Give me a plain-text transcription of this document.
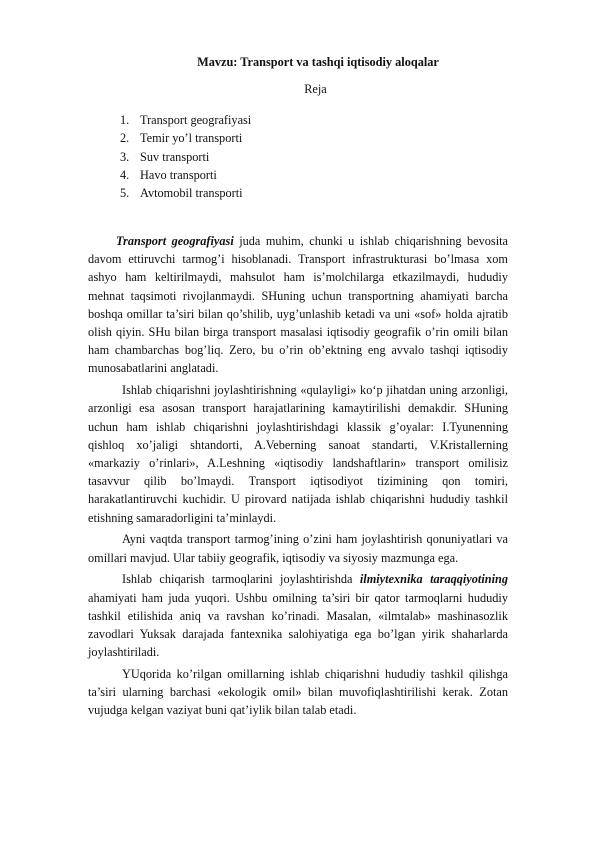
Mavzu: Transport va tashqi iqtisodiy aloqalar
Reja
1. Transport geografiyasi
2. Temir yo’l transporti
3. Suv transporti
4. Havo transporti
5. Avtomobil transporti

Transport geografiyasi juda muhim, chunki u ishlab chiqarishning bevosita davom ettiruvchi tarmog’i hisoblanadi. Transport infrastrukturasi bo’lmasa xom ashyo ham keltirilmaydi, mahsulot ham is’molchilarga etkazilmaydi, hududiy mehnat taqsimoti rivojlanmaydi. SHuning uchun transportning ahamiyati barcha boshqa omillar ta’siri bilan qo’shilib, uyg’unlashib ketadi va uni «sof» holda ajratib olish qiyin. SHu bilan birga transport masalasi iqtisodiy geografik o’rin omili bilan ham chambarchas bog’liq. Zero, bu o’rin ob’ektning eng avvalo tashqi iqtisodiy munosabatlarini anglatadi.

Ishlab chiqarishni joylashtirishning «qulayligi» ko‘p jihatdan uning arzonligi, arzonligi esa asosan transport harajatlarining kamaytirilishi demakdir. SHuning uchun ham ishlab chiqarishni joylashtirishdagi klassik g’oyalar: I.Tyunenning qishloq xo’jaligi shtandorti, A.Veberning sanoat standarti, V.Kristallerning «markaziy o’rinlari», A.Leshning «iqtisodiy landshaftlarin» transport omilisiz tasavvur qilib bo’lmaydi. Transport iqtisodiyot tizimining qon tomiri, harakatlantiruvchi kuchidir. U pirovard natijada ishlab chiqarishni hududiy tashkil etishning samaradorligini ta’minlaydi.

Ayni vaqtda transport tarmog’ining o’zini ham joylashtirish qonuniyatlari va omillari mavjud. Ular tabiiy geografik, iqtisodiy va siyosiy mazmunga ega.

Ishlab chiqarish tarmoqlarini joylashtirishda ilmiytexnika taraqqiyotining ahamiyati ham juda yuqori. Ushbu omilning ta’siri bir qator tarmoqlarni hududiy tashkil etilishida aniq va ravshan ko’rinadi. Masalan, «ilmtalab» mashinasozlik zavodlari Yuksak darajada fantexnika salohiyatiga ega bo’lgan yirik shaharlarda joylashtiriladi.

YUqorida ko’rilgan omillarning ishlab chiqarishni hududiy tashkil qilishga ta’siri ularning barchasi «ekologik omil» bilan muvofiqlashtirilishi kerak. Zotan vujudga kelgan vaziyat buni qat’iylik bilan talab etadi.
